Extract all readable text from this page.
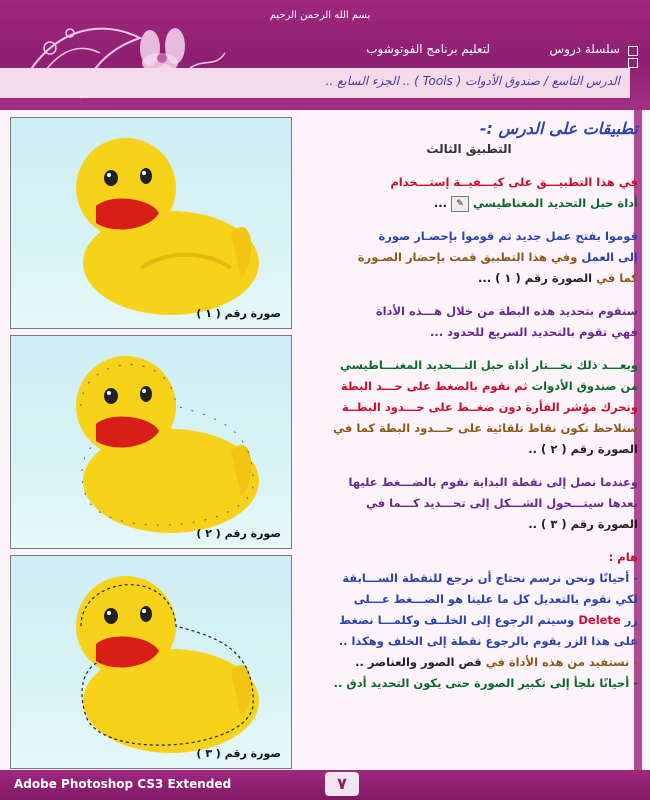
بسم الله الرحمن الرحيم
سلسلة دروس
لتعليم برنامج الفوتوشوب
الدرس التاسع / صندوق الأدوات ( Tools ) .. الجزء السابع ..
صورة رقم ( ١ )
صورة رقم ( ٢ )
صورة رقم ( ٣ )

تطبيقات على الدرس :-

التطبيق الثالث

في هذا التطبيـــق على كيـــفيــة إستـــخدام

أداة حبل التحديد المغناطيسي ✎ ...

قوموا بفتح عمل جديد ثم قوموا بإحضـار صورة

إلى العمل وفي هذا التطبيق قمت بإحضار الصـورة

كما في الصورة رقم ( ١ ) ...

سنقوم بتحديد هذه البطة من خلال هـــذه الأداة

فهي تقوم بالتحديد السريع للحدود ...

وبعـــد ذلك نخـــتار أداة حبل التـــحديد المغنـــاطيسي

من صندوق الأدوات ثم نقوم بالضغط على حـــد البطة

ونحرك مؤشر الفأرة دون ضغــط على حـــدود البطــة

سنلاحظ تكون نقاط تلقائية على حـــدود البطة كما في

الصورة رقم ( ٢ ) ..

وعندما نصل إلى نقطة البداية نقوم بالضـــغط عليها

بعدها سيتـــحول الشـــكل إلى تحـــديد كـــما في

الصورة رقم ( ٣ ) ..

هام :

- أحيانًا ونحن نرسم نحتاج أن نرجع للنقطة الســـابقة

لكي نقوم بالتعديل كل ما علينا هو الضـــغط عـــلى

زر Delete وسيتم الرجوع إلى الخلــف وكلمـــا نضغط

على هذا الزر يقوم بالرجوع نقطة إلى الخلف وهكذا ..

- نستفيد من هذه الأداة في قص الصور والعناصر ..

- أحيانًا نلجأ إلى تكبير الصورة حتى يكون التحديد أدق ..

Adobe Photoshop CS3 Extended	٧
